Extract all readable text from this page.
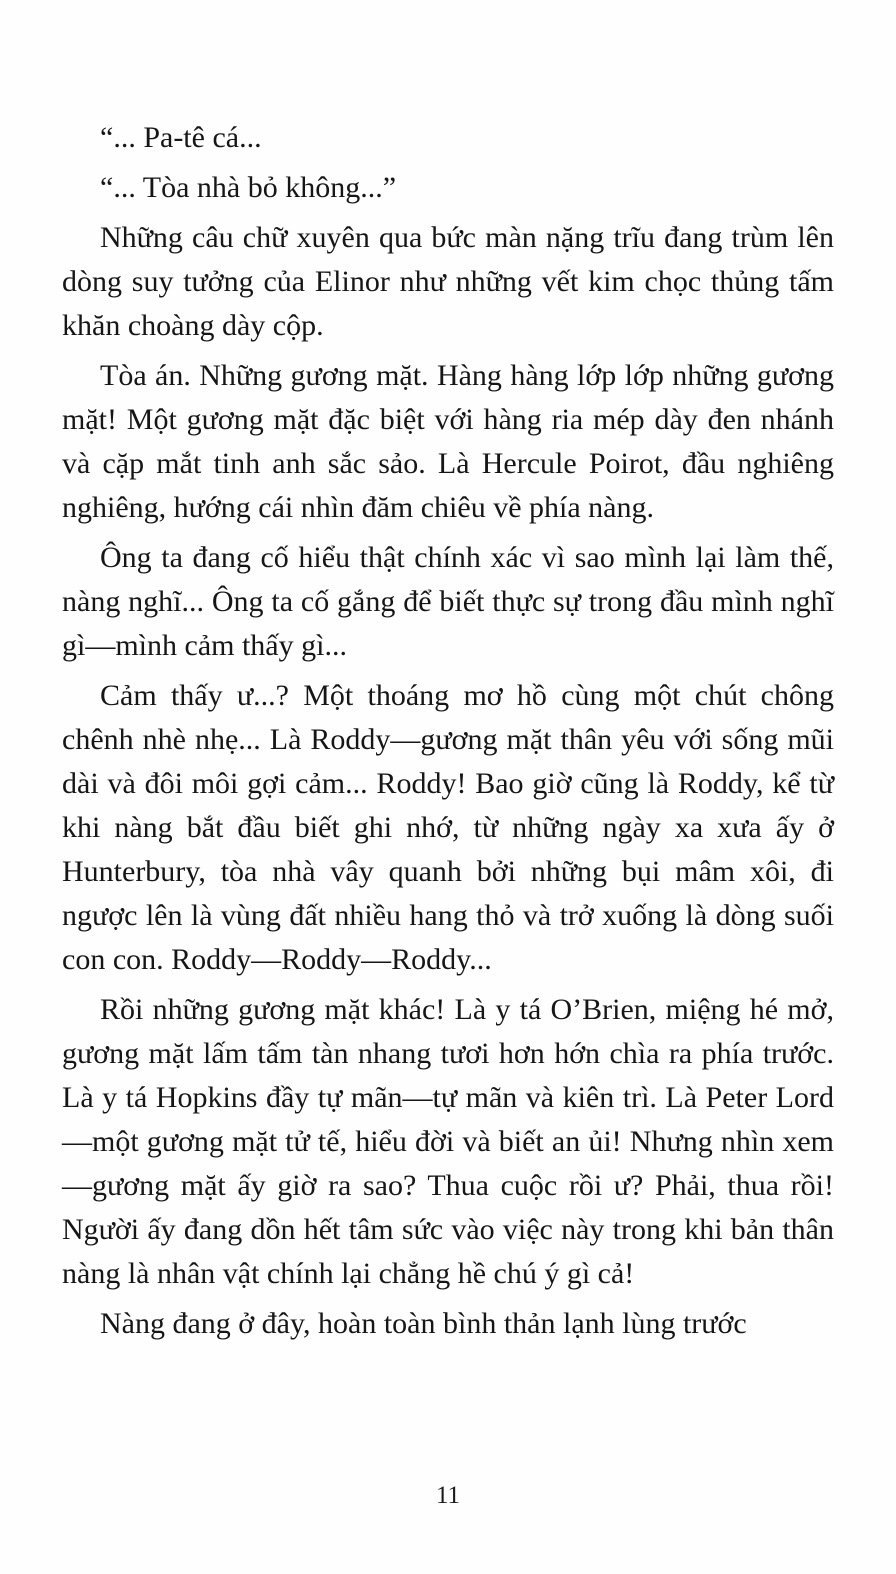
“... Pa-tê cá...

“... Tòa nhà bỏ không...”

Những câu chữ xuyên qua bức màn nặng trĩu đang trùm lên dòng suy tưởng của Elinor như những vết kim chọc thủng tấm khăn choàng dày cộp.

Tòa án. Những gương mặt. Hàng hàng lớp lớp những gương mặt! Một gương mặt đặc biệt với hàng ria mép dày đen nhánh và cặp mắt tinh anh sắc sảo. Là Hercule Poirot, đầu nghiêng nghiêng, hướng cái nhìn đăm chiêu về phía nàng.

Ông ta đang cố hiểu thật chính xác vì sao mình lại làm thế, nàng nghĩ... Ông ta cố gắng để biết thực sự trong đầu mình nghĩ gì—mình cảm thấy gì...

Cảm thấy ư...? Một thoáng mơ hồ cùng một chút chông chênh nhè nhẹ... Là Roddy—gương mặt thân yêu với sống mũi dài và đôi môi gợi cảm... Roddy! Bao giờ cũng là Roddy, kể từ khi nàng bắt đầu biết ghi nhớ, từ những ngày xa xưa ấy ở Hunterbury, tòa nhà vây quanh bởi những bụi mâm xôi, đi ngược lên là vùng đất nhiều hang thỏ và trở xuống là dòng suối con con. Roddy—Roddy—Roddy...

Rồi những gương mặt khác! Là y tá O’Brien, miệng hé mở, gương mặt lấm tấm tàn nhang tươi hơn hớn chìa ra phía trước. Là y tá Hopkins đầy tự mãn—tự mãn và kiên trì. Là Peter Lord—một gương mặt tử tế, hiểu đời và biết an ủi! Nhưng nhìn xem—gương mặt ấy giờ ra sao? Thua cuộc rồi ư? Phải, thua rồi! Người ấy đang dồn hết tâm sức vào việc này trong khi bản thân nàng là nhân vật chính lại chẳng hề chú ý gì cả!

Nàng đang ở đây, hoàn toàn bình thản lạnh lùng trước

11
